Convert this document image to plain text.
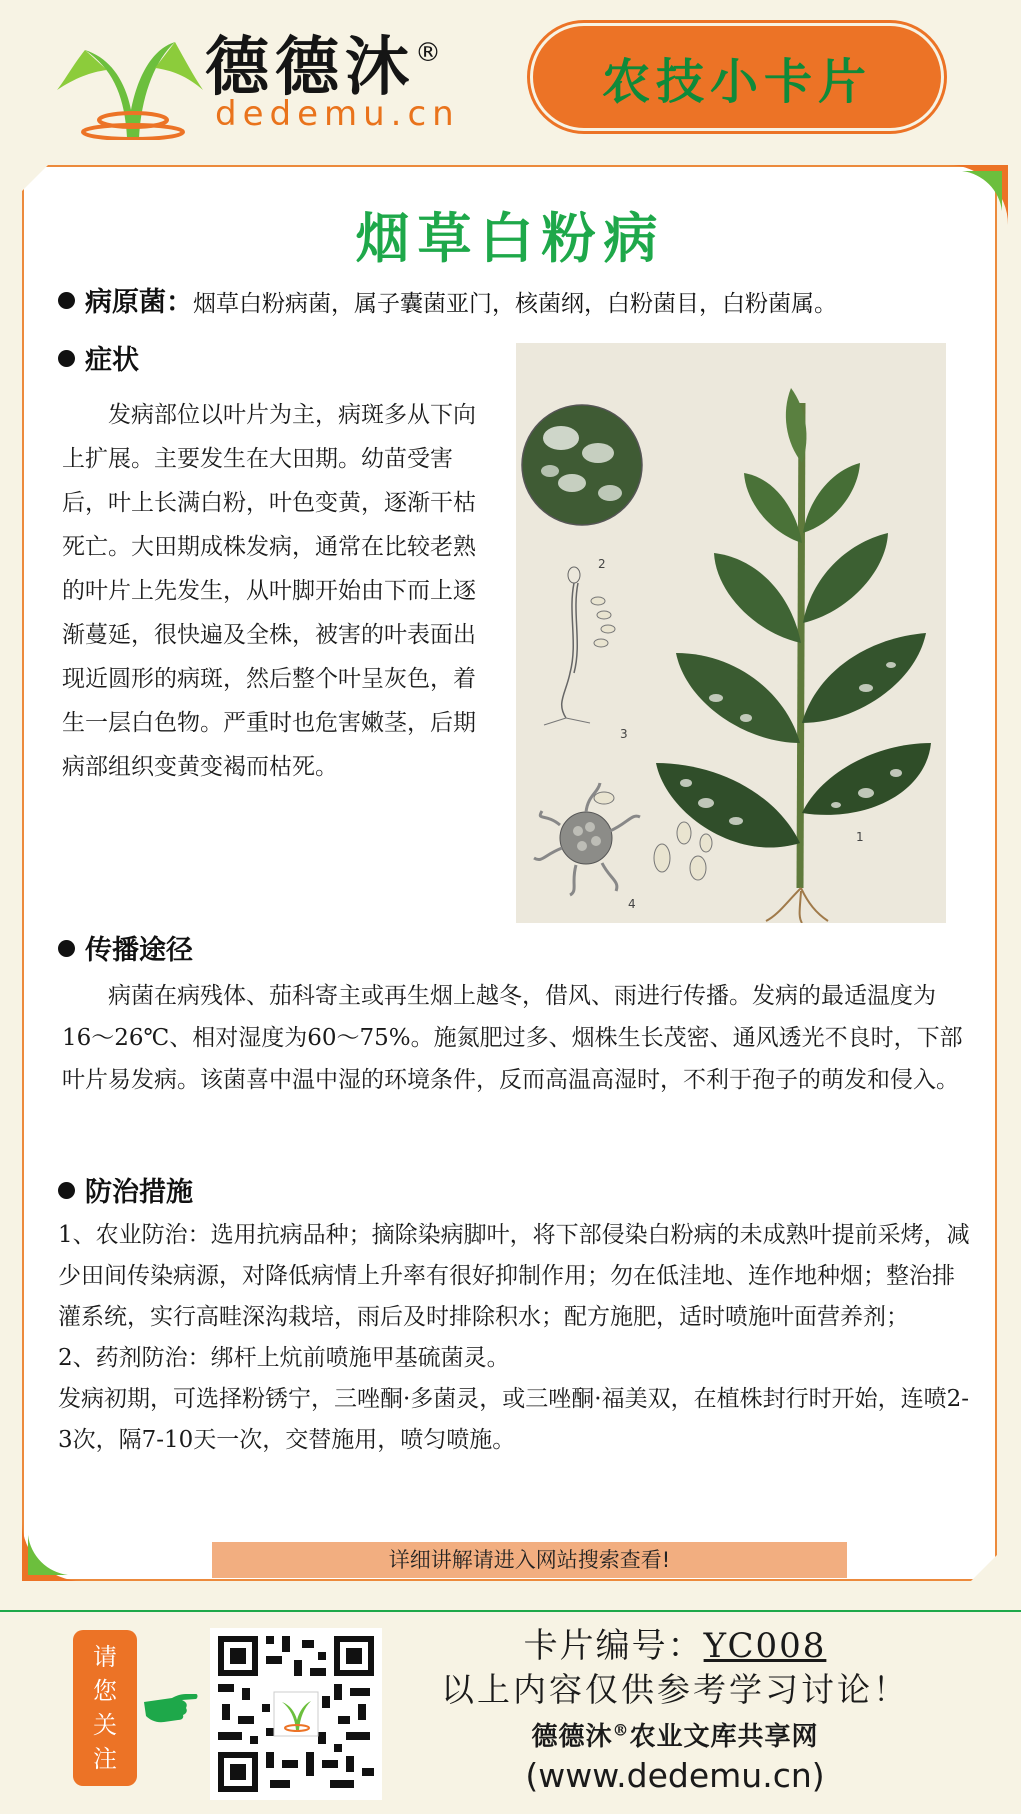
德德沐®
dedemu.cn
农技小卡片
烟草白粉病
病原菌：烟草白粉病菌，属子囊菌亚门，核菌纲，白粉菌目，白粉菌属。
症状
发病部位以叶片为主，病斑多从下向上扩展。主要发生在大田期。幼苗受害后，叶上长满白粉，叶色变黄，逐渐干枯死亡。大田期成株发病，通常在比较老熟的叶片上先发生，从叶脚开始由下而上逐渐蔓延，很快遍及全株，被害的叶表面出现近圆形的病斑，然后整个叶呈灰色，着生一层白色物。严重时也危害嫩茎，后期病部组织变黄变褐而枯死。
2
3
4
1
传播途径
病菌在病残体、茄科寄主或再生烟上越冬，借风、雨进行传播。发病的最适温度为16～26℃、相对湿度为60～75%。施氮肥过多、烟株生长茂密、通风透光不良时，下部叶片易发病。该菌喜中温中湿的环境条件，反而高温高湿时，不利于孢子的萌发和侵入。
防治措施
1、农业防治：选用抗病品种；摘除染病脚叶，将下部侵染白粉病的未成熟叶提前采烤，减少田间传染病源，对降低病情上升率有很好抑制作用；勿在低洼地、连作地种烟；整治排灌系统，实行高畦深沟栽培，雨后及时排除积水；配方施肥，适时喷施叶面营养剂；
2、药剂防治：绑杆上炕前喷施甲基硫菌灵。
发病初期，可选择粉锈宁，三唑酮·多菌灵，或三唑酮·福美双，在植株封行时开始，连喷2-3次，隔7-10天一次，交替施用，喷匀喷施。
详细讲解请进入网站搜索查看!
请您关注
卡片编号：YC008
以上内容仅供参考学习讨论！
德德沐®农业文库共享网
(www.dedemu.cn)
